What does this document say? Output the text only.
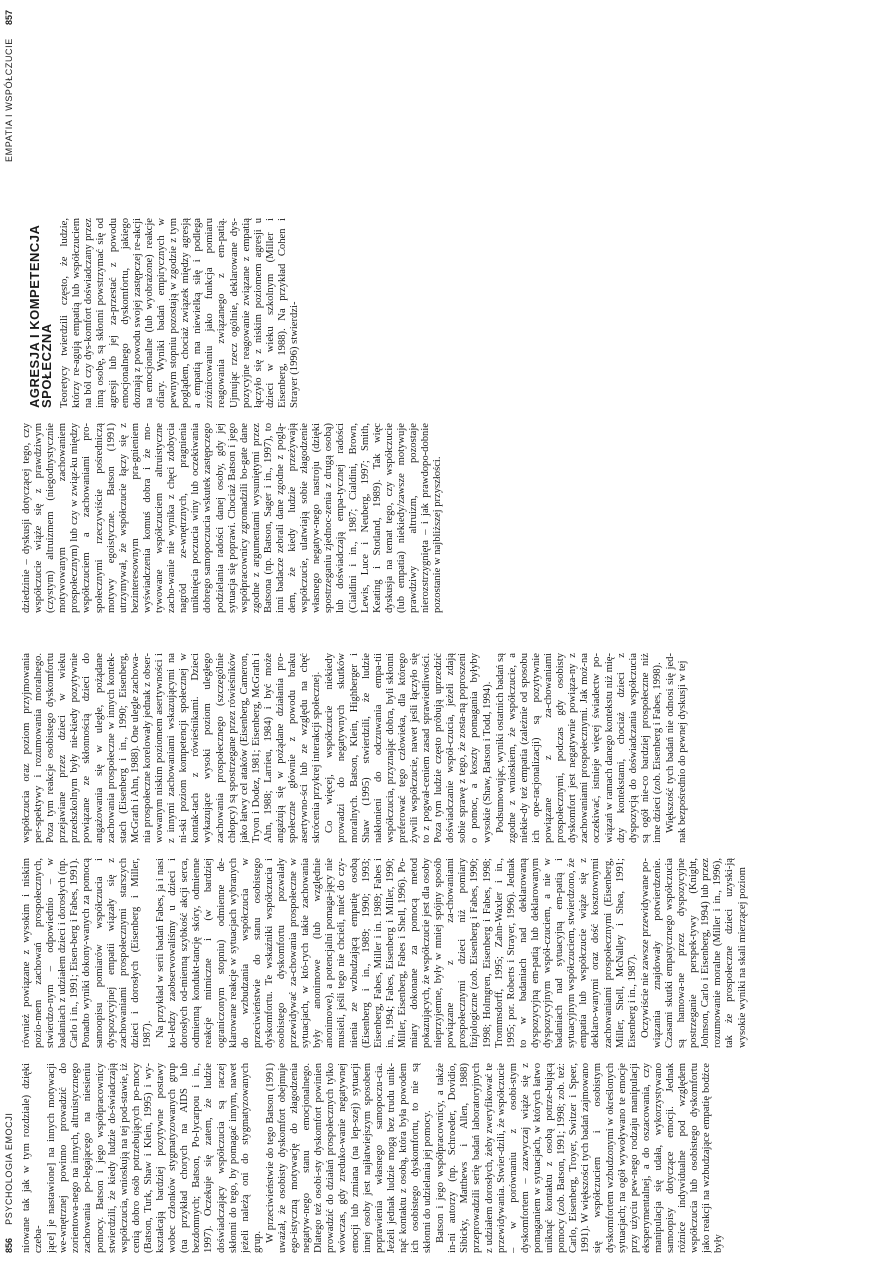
856 PSYCHOLOGIA EMOCJI
EMPATIA I WSPÓŁCZUCIE 857

niowane tak jak w tym rozdziale) dzięki czeba- jące] je nastawione] na innych motywacji we-wnętrznej powinno prowadzić do zorientowa-nego na innych, altruistycznego zachowania po-legającego na niesieniu pomocy. Batson i jego współpracownicy stwierdzili, że kiedy ludzie do-świadczają współczucia, wnioskują na tej pod-stawie, iż cenią dobro osób potrzebujących po-mocy (Batson, Turk, Shaw i Klein, 1995) i wy-kształcają bardziej pozytywne postawy wobec członków stygmatyzowanych grup (na przykład chorych na AIDS lub bezdomnych; Batson, Po-lycarpou i in., 1997). Oczekuje się zatem, że ludzie doświadczający współczucia są raczej skłonni do tego, by pomagać innym, nawet jeżeli należą oni do stygmatyzowanych grup. W przeciwieństwie do tego Batson (1991) uważał, że osobisty dyskomfort obejmuje ego-istyczną motywację do złagodzenia negatyw-nego stanu emocjonalnego. Dlatego też osobi-sty dyskomfort powinien prowadzić do działań prospołecznych tylko wówczas, gdy zreduko-wanie negatywnej emocji lub zmiana (na lep-szej) sytuacji innej osoby jest najłatwiejszym sposobem poprawienia własnego samopoczu-cia. Jeżeli jednak ludzie mogą bez trudu unik-nąć kontaktu z osobą, która była powodem ich osobistego dyskomfortu, to nie są skłonni do udzielania jej pomocy. Batson i jego współpracownicy, a także in-ni autorzy (np. Schroeder, Dovidio, Sibicky, Matthews i Allen, 1988) przeprowadzili serię badań laboratoryjnych z udziałem dorosłych, żeby zweryfikować te przewidywania. Stwier-dzili, że współczucie – w porównaniu z osobi-stym dyskomfortem – zazwyczaj wiąże się z pomaganiem w sytuacjach, w których łatwo uniknąć kontaktu z osobą potrze-bującą pomocy (zob. Batson, 1991; 1998; zob. też: Carlo, Eisenberg, Troyer, Switzer i Speer, 1991). W większości tych badań zajmowano się współczuciem i osobistym dyskomfortem wzbudzonymi w określonych sytuacjach; na ogół wywoływano te emocje przy użyciu pew-nego rodzaju manipulacji eksperymentalnej, a do oszacowania, czy manipulacja się udała, wykorzystywano samoopisy dotyczące emocji. Jednak różnice indywidualne pod względem współczucia lub osobistego dyskomfortu jako reakcji na wzbudzające empatię bodźce były

również powiązane z wysokim i niskim pozio-mem zachowań prospołecznych, stwierdzo-nym – odpowiednio – w badaniach z udziałem dzieci i dorosłych (np. Carlo i in., 1991; Eisen-berg i Fabes, 1991). Ponadto wyniki dokony-wanych za pomocą samoopisu pomiarów współczucia i dyspozycyjnej empatii wiązały się z zachowaniami prospołecznymi starszych dzieci i dorosłych (Eisenberg i Miller, 1987). Na przykład w serii badań Fabes, ja i nasi ko-ledzy zaobserwowaliśmy u dzieci i dorosłych od-mienną szybkość akcji serca, odmienną kondukt-tancję skóry, odmienne reakcje mimiczne i (w bardziej ograniczonym stopniu) odmienne de-klarowane reakcje w sytuacjach wybranych do wzbudzania współczucia w przeciwieństwie do stanu osobistego dyskomfortu. Te wskaźniki współczucia i osobistego dyskomfortu pozwalały przewidywać za-chowania prospołeczne w sytuacjach, w któ-rych takie zachowania były anonimowe (lub względnie anonimowe), a potencjalni pomaga-jący nie musieli, jeśli tego nie chcieli, mieć do czy-nienia ze wzbudzającą empatię osobą (Eisenberg i in., 1989; 1990; 1993; Eisenberg, Fabes, Miller i in. 1989; Fabes i in., 1994; Fabes, Eisenberg i Miller, 1990; Miller, Eisenberg, Fabes i Shell, 1996). Po-miary dokonane za pomocą metod pokazujących, że współczucie jest dla osoby nieprzyjemne, były w mniej spójny sposób powiązane z za-chowaniami prospołecznymi dzieci niż pomiary fizjologiczne (zob. Eisenberg i Fabes, 1990; 1998; Holmgren, Eisenberg i Fabes, 1998; Trommsdorff, 1995; Zahn-Waxler i in., 1995; por. Roberts i Strayer, 1996). Jednak to w badaniach nad deklarowaną dyspozycyjną em-patią lub deklarowanym dyspozycyjnym współ-czuciem, a nie w badaniach nad sytuacyjną em-patią i sytuacyjnym współczuciem, stwierdzono, że empatia lub współczucie wiąże się z deklaro-wanymi oraz dość kosztownymi zachowaniami prospołecznymi (Eisenberg, Miller, Shell, McNalley i Shea, 1991; Eisenberg i in., 1987). Oczywiście nie zawsze przewidywane po-wiązania znajdowały potwierdzenie. Czasami skutki empatycznego współczucia są hamowa-ne przez dyspozycyjne postrzeganie perspek-tywy (Knight, Johnson, Carlo i Eisenberg, 1994) lub przez rozumowanie moralne (Miller i in., 1996), tak że prospołeczne dzieci uzyski-ją wysokie wyniki na skali mierzącej poziom

współczucia oraz poziom przyjmowania per-spektywy i rozumowania moralnego. Poza tym reakcje osobistego dyskomfortu przejawiane przez dzieci w wieku przedszkolnym były nie-kiedy pozytywnie powiązane ze skłonnością dzieci do angażowania się w uległe, pożądane zachowania prospołeczne w innych kontek-stach (Eisenberg i in., 1990; Eisenberg, McGrath i Ahn, 1988). One ulegle zachowa-nia prospołeczne korelowały jednak z obser-wowanym niskim poziomem asertywności i z innymi zachowaniami wskazującymi na ni-ski poziom kompetencji społecznej w kontak-tach z rówieśnikami. Dzieci wykazujące wysoki poziom uległego zachowania prospołecznego (szczególnie chłopcy) są spostrzegane przez rówieśników jako łatwy cel ataków (Eisenberg, Cameron, Tryon i Dodez, 1981; Eisenberg, McGrath i Ahn, 1988; Larrieu, 1984) i być może angażują się w pożądane działania pro-społeczne głównie z powodu braku asertywno-ści lub ze względu na chęć skrócenia przykrej interakcji społecznej. Co więcej, współczucie niekiedy prowadzi do negatywnych skutków moralnych. Batson, Klein, Highberger i Shaw (1995) stwierdzili, że ludzie nakłonieni do odczuwania empa-tii współczucia, przyznając dobra, byli skłonni preferować tego człowieka, dla którego żywili współczucie, nawet jeśli łączyło się to z pogwał-ceniem zasad sprawiedliwości. Poza tym ludzie często próbują uprzedzić doświadczanie współ-czucia, jeżeli zdają sobie sprawę z tego, że zosta-ną poproszeni o pomoc, a koszty pomagania byłyby wysokie (Shaw, Batson i Todd, 1994). Podsumowując, wyniki ostatnich badań są zgodne z wnioskiem, że współczucie, a niekie-dy też empatia (zależnie od sposobu ich ope-racjonalizacji) są pozytywnie powiązane z za-chowaniami prospołecznymi, podczas gdy osobisty dyskomfort jest negatywnie powiąza-ny z zachowaniami prospołecznymi. Jak moż-na oczekiwać, istnieje więcej świadectw po-wiązań w ramach danego kontekstu niż mię-dzy kontekstami, chociaż dzieci z dyspozycją do doświadczania współczucia są ogół nie-co bardziej prospołeczne niż inne dzieci (zob. Eisenberg i Fabes, 1998). Większość tych badań nie odnosi się jed-nak bezpośrednio do pewnej dyskusji w tej

dziedzinie – dyskusji dotyczącej tego, czy współczucie wiąże się z prawdziwym (czystym) altruizmem (niegodnystycznie motywowanym zachowaniem prospołecznym) lub czy w związ-ku między współczuciem a zachowaniami pro-społecznymi rzeczywiście pośredniczą motywy egoistyczne. Batson (1991) utrzymywał, że współczucie łączy się z bezinteresownym pra-gnieniem wyświadczenia komuś dobra i że mo-tywowane współczuciem altruistyczne zacho-wanie nie wynika z chęci zdobycia nagród ze-wnętrznych, pragnienia uniknięcia poczucia winy lub oczekiwania dobrego samopoczucia wskutek zastępczego podzielania radości danej osoby, gdy jej sytuacja się poprawi. Chociaż Batson i jego współpracownicy zgromadzili bo-gate dane zgodne z argumentami wysuniętymi przez Batsona (np. Batson, Sager i in., 1997), to inni badacze zebrali dane zgodne z poglą-dem, że kiedy ludzie przeżywają współczucie, ulatwiają sobie złagodzenie własnego negatyw-nego nastroju (dzięki spostrzeganiu zjednoc-zenia z drugą osobą) lub doświadczają empa-tycznej radości (Cialdini i in., 1987; Cialdini, Brown, Lewis, Luce i Neuberg, 1997; Smith, Keating i Stotland, 1989). Tak więc dyskusja na temat tego, czy współczucie (lub empatia) niekiedy/zawsze motywuje prawdziwy altruizm, pozostaje nierozstrzygnięta – i jak prawdopo-dobnie pozostanie w najbliższej przyszłości.

AGRESJA I KOMPETENCJA SPOŁECZNA Teoretycy twierdzili często, że ludzie, którzy re-agują empatią lub współczuciem na ból czy dys-komfort doświadczany przez inną osobę, są skłonni powstrzymać się od agresji lub jej za-przestać z powodu emocjonalnego dyskomfortu, jakiego doznają z powodu swojej zastępczej re-akcji na emocjonalne (lub wyobrażone) reakcje ofiary. Wyniki badań empirycznych w pewnym stopniu pozostają w zgodzie z tym poglądem, chociaż związek między agresją a empatią ma niewielką siłę i podlega zróżnicowaniu jako funkcja pomiaru reagowania związanego z em-patią. Ujmując rzecz ogólnie, deklarowane dys-pozycyjne reagowanie związane z empatią łączyło się z niskim poziomem agresji u dzieci w wieku szkolnym (Miller i Eisenberg, 1988). Na przykład Cohen i Strayer (1996) stwierdzi-
